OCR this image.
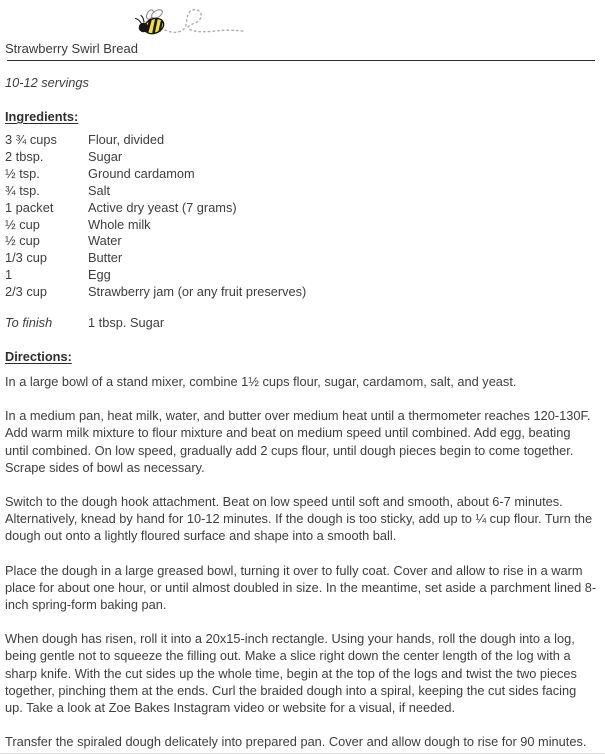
Strawberry Swirl Bread
10-12 servings
Ingredients:
3 ¾ cups Flour, divided
2 tbsp.	Sugar
½ tsp.	Ground cardamom
¾ tsp.	Salt
1 packet	Active dry yeast (7 grams)
½ cup	Whole milk
½ cup	Water
1/3 cup	Butter
1	Egg
2/3 cup	Strawberry jam (or any fruit preserves)
To finish	1 tbsp. Sugar
Directions:

In a large bowl of a stand mixer, combine 1½ cups flour, sugar, cardamom, salt, and yeast.

In a medium pan, heat milk, water, and butter over medium heat until a thermometer reaches 120-130F. Add warm milk mixture to flour mixture and beat on medium speed until combined. Add egg, beating until combined. On low speed, gradually add 2 cups flour, until dough pieces begin to come together. Scrape sides of bowl as necessary.

Switch to the dough hook attachment. Beat on low speed until soft and smooth, about 6-7 minutes. Alternatively, knead by hand for 10-12 minutes. If the dough is too sticky, add up to ¼ cup flour. Turn the dough out onto a lightly floured surface and shape into a smooth ball.

Place the dough in a large greased bowl, turning it over to fully coat. Cover and allow to rise in a warm place for about one hour, or until almost doubled in size. In the meantime, set aside a parchment lined 8-inch spring-form baking pan.

When dough has risen, roll it into a 20x15-inch rectangle. Using your hands, roll the dough into a log, being gentle not to squeeze the filling out. Make a slice right down the center length of the log with a sharp knife. With the cut sides up the whole time, begin at the top of the logs and twist the two pieces together, pinching them at the ends. Curl the braided dough into a spiral, keeping the cut sides facing up. Take a look at Zoe Bakes Instagram video or website for a visual, if needed.

Transfer the spiraled dough delicately into prepared pan. Cover and allow dough to rise for 90 minutes.
